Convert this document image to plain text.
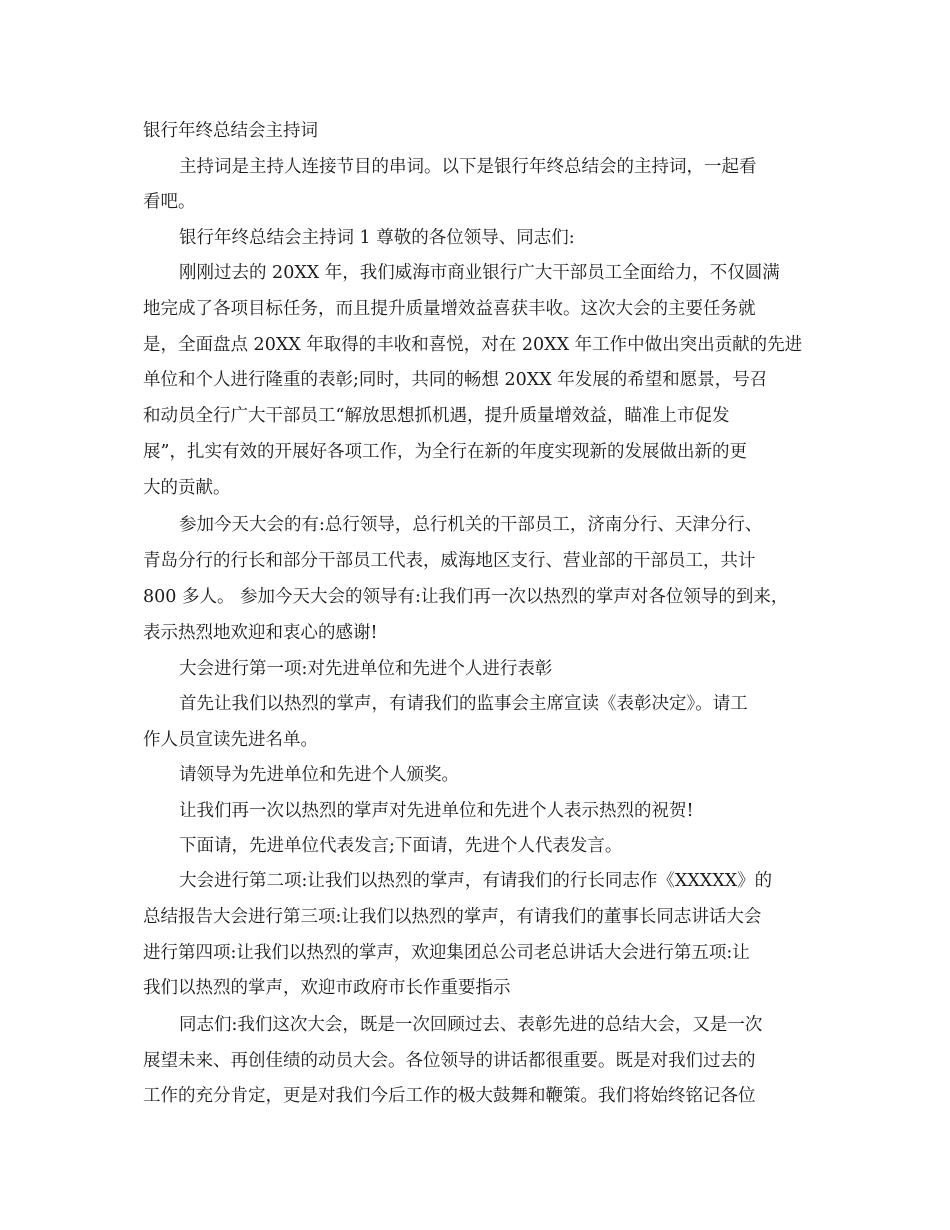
银行年终总结会主持词

主持词是主持人连接节目的串词。以下是银行年终总结会的主持词，一起看

看吧。

银行年终总结会主持词 1 尊敬的各位领导、同志们:

刚刚过去的 20XX 年，我们威海市商业银行广大干部员工全面给力，不仅圆满

地完成了各项目标任务，而且提升质量增效益喜获丰收。这次大会的主要任务就

是，全面盘点 20XX 年取得的丰收和喜悦，对在 20XX 年工作中做出突出贡献的先进

单位和个人进行隆重的表彰;同时，共同的畅想 20XX 年发展的希望和愿景，号召

和动员全行广大干部员工“解放思想抓机遇，提升质量增效益，瞄准上市促发

展”，扎实有效的开展好各项工作，为全行在新的年度实现新的发展做出新的更

大的贡献。

参加今天大会的有:总行领导，总行机关的干部员工，济南分行、天津分行、

青岛分行的行长和部分干部员工代表，威海地区支行、营业部的干部员工，共计

800 多人。 参加今天大会的领导有:让我们再一次以热烈的掌声对各位领导的到来，

表示热烈地欢迎和衷心的感谢!

大会进行第一项:对先进单位和先进个人进行表彰

首先让我们以热烈的掌声，有请我们的监事会主席宣读《表彰决定》。请工

作人员宣读先进名单。

请领导为先进单位和先进个人颁奖。

让我们再一次以热烈的掌声对先进单位和先进个人表示热烈的祝贺!

下面请，先进单位代表发言;下面请，先进个人代表发言。

大会进行第二项:让我们以热烈的掌声，有请我们的行长同志作《XXXXX》的

总结报告大会进行第三项:让我们以热烈的掌声，有请我们的董事长同志讲话大会

进行第四项:让我们以热烈的掌声，欢迎集团总公司老总讲话大会进行第五项:让

我们以热烈的掌声，欢迎市政府市长作重要指示

同志们:我们这次大会，既是一次回顾过去、表彰先进的总结大会，又是一次

展望未来、再创佳绩的动员大会。各位领导的讲话都很重要。既是对我们过去的

工作的充分肯定，更是对我们今后工作的极大鼓舞和鞭策。我们将始终铭记各位
